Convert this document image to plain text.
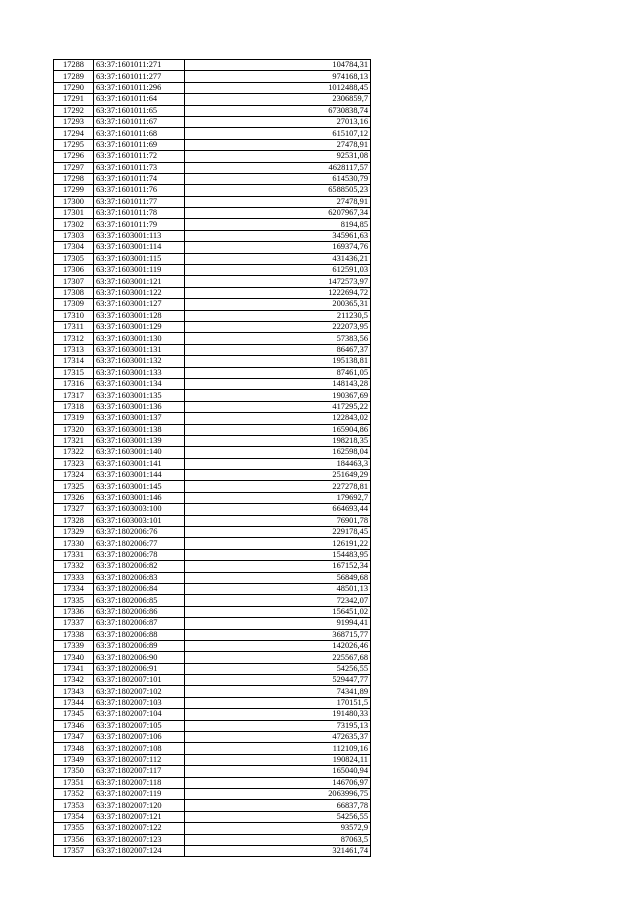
17288	63:37:1601011:271	104784,31
17289	63:37:1601011:277	974168,13
17290	63:37:1601011:296	1012488,45
17291	63:37:1601011:64	2306859,7
17292	63:37:1601011:65	6730838,74
17293	63:37:1601011:67	27013,16
17294	63:37:1601011:68	615107,12
17295	63:37:1601011:69	27478,91
17296	63:37:1601011:72	92531,08
17297	63:37:1601011:73	4628117,57
17298	63:37:1601011:74	614530,79
17299	63:37:1601011:76	6588505,23
17300	63:37:1601011:77	27478,91
17301	63:37:1601011:78	6207967,34
17302	63:37:1601011:79	8194,85
17303	63:37:1603001:113	345961,63
17304	63:37:1603001:114	169374,76
17305	63:37:1603001:115	431436,21
17306	63:37:1603001:119	612591,03
17307	63:37:1603001:121	1472573,97
17308	63:37:1603001:122	1222694,72
17309	63:37:1603001:127	200365,31
17310	63:37:1603001:128	211230,5
17311	63:37:1603001:129	222073,95
17312	63:37:1603001:130	57383,56
17313	63:37:1603001:131	86467,37
17314	63:37:1603001:132	195138,81
17315	63:37:1603001:133	87461,05
17316	63:37:1603001:134	148143,28
17317	63:37:1603001:135	190367,69
17318	63:37:1603001:136	417295,22
17319	63:37:1603001:137	122843,02
17320	63:37:1603001:138	165904,86
17321	63:37:1603001:139	198218,35
17322	63:37:1603001:140	162598,04
17323	63:37:1603001:141	184463,3
17324	63:37:1603001:144	251649,29
17325	63:37:1603001:145	227278,81
17326	63:37:1603001:146	179692,7
17327	63:37:1603003:100	664693,44
17328	63:37:1603003:101	76901,78
17329	63:37:1802006:76	229178,45
17330	63:37:1802006:77	126191,22
17331	63:37:1802006:78	154483,95
17332	63:37:1802006:82	167152,34
17333	63:37:1802006:83	56849,68
17334	63:37:1802006:84	48501,13
17335	63:37:1802006:85	72342,07
17336	63:37:1802006:86	156451,02
17337	63:37:1802006:87	91994,41
17338	63:37:1802006:88	368715,77
17339	63:37:1802006:89	142026,46
17340	63:37:1802006:90	225567,68
17341	63:37:1802006:91	54256,55
17342	63:37:1802007:101	529447,77
17343	63:37:1802007:102	74341,89
17344	63:37:1802007:103	170151,5
17345	63:37:1802007:104	191480,33
17346	63:37:1802007:105	73195,13
17347	63:37:1802007:106	472635,37
17348	63:37:1802007:108	112109,16
17349	63:37:1802007:112	190824,11
17350	63:37:1802007:117	165040,94
17351	63:37:1802007:118	146706,97
17352	63:37:1802007:119	2063996,75
17353	63:37:1802007:120	66837,78
17354	63:37:1802007:121	54256,55
17355	63:37:1802007:122	93572,9
17356	63:37:1802007:123	87063,5
17357	63:37:1802007:124	321461,74
